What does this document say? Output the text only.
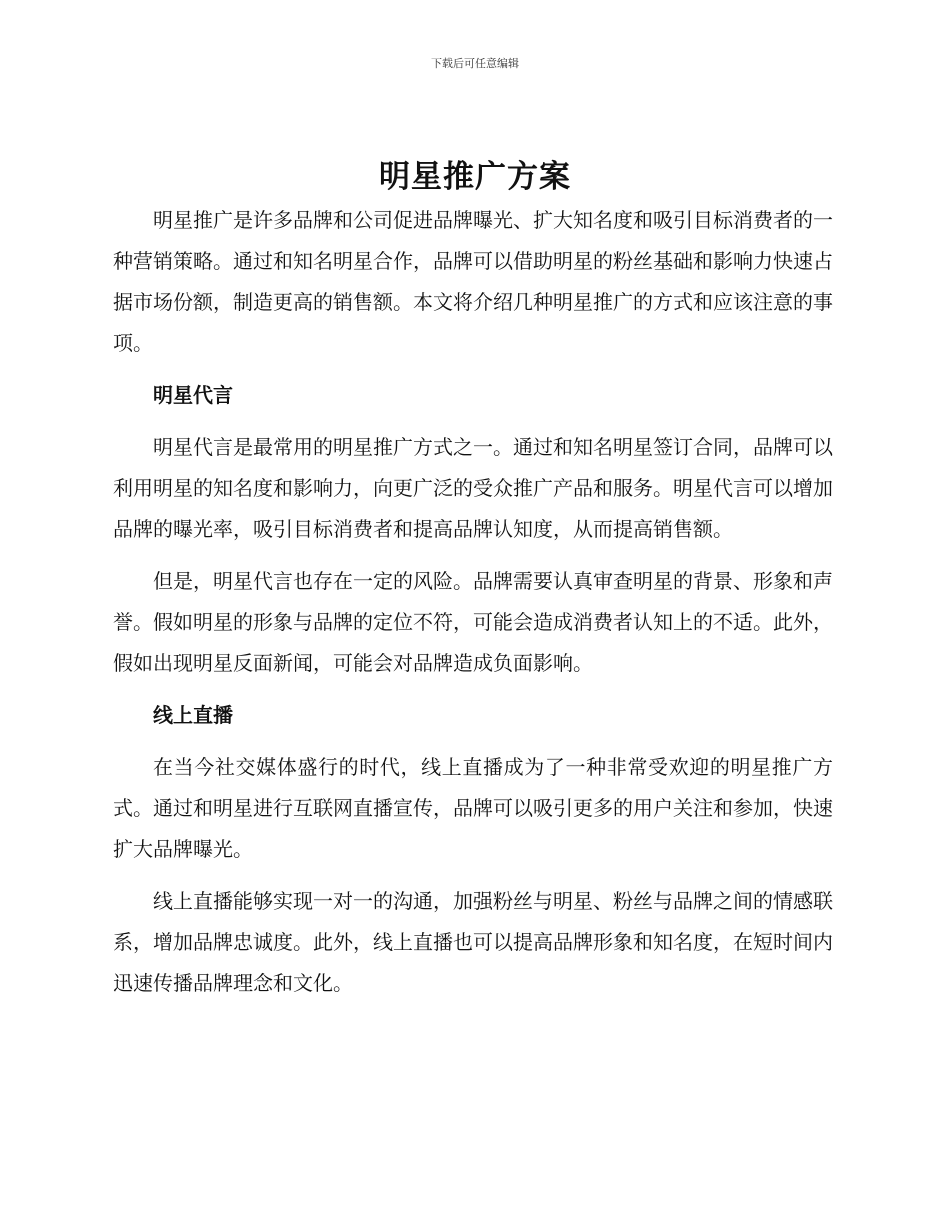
下载后可任意编辑
明星推广方案

明星推广是许多品牌和公司促进品牌曝光、扩大知名度和吸引目标消费者的一种营销策略。通过和知名明星合作，品牌可以借助明星的粉丝基础和影响力快速占据市场份额，制造更高的销售额。本文将介绍几种明星推广的方式和应该注意的事项。

明星代言

明星代言是最常用的明星推广方式之一。通过和知名明星签订合同，品牌可以利用明星的知名度和影响力，向更广泛的受众推广产品和服务。明星代言可以增加品牌的曝光率，吸引目标消费者和提高品牌认知度，从而提高销售额。

但是，明星代言也存在一定的风险。品牌需要认真审查明星的背景、形象和声誉。假如明星的形象与品牌的定位不符，可能会造成消费者认知上的不适。此外，假如出现明星反面新闻，可能会对品牌造成负面影响。

线上直播

在当今社交媒体盛行的时代，线上直播成为了一种非常受欢迎的明星推广方式。通过和明星进行互联网直播宣传，品牌可以吸引更多的用户关注和参加，快速扩大品牌曝光。

线上直播能够实现一对一的沟通，加强粉丝与明星、粉丝与品牌之间的情感联系，增加品牌忠诚度。此外，线上直播也可以提高品牌形象和知名度，在短时间内迅速传播品牌理念和文化。
